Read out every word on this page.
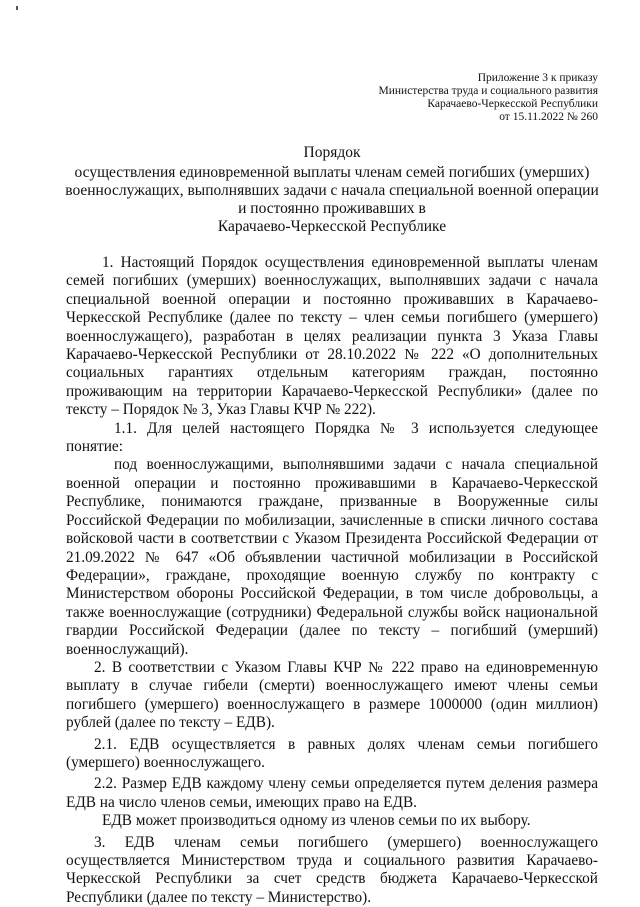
Приложение 3 к приказу
Министерства труда и социального развития
Карачаево-Черкесской Республики
от 15.11.2022 № 260
Порядок
осуществления единовременной выплаты членам семей погибших (умерших) военнослужащих, выполнявших задачи с начала специальной военной операции и постоянно проживавших в
Карачаево-Черкесской Республике

1. Настоящий Порядок осуществления единовременной выплаты членам семей погибших (умерших) военнослужащих, выполнявших задачи с начала специальной военной операции и постоянно проживавших в Карачаево-Черкесской Республике (далее по тексту – член семьи погибшего (умершего) военнослужащего), разработан в целях реализации пункта 3 Указа Главы Карачаево-Черкесской Республики от 28.10.2022 № 222 «О дополнительных социальных гарантиях отдельным категориям граждан, постоянно проживающим на территории Карачаево-Черкесской Республики» (далее по тексту – Порядок № 3, Указ Главы КЧР № 222).

1.1. Для целей настоящего Порядка № 3 используется следующее понятие:

под военнослужащими, выполнявшими задачи с начала специальной военной операции и постоянно проживавшими в Карачаево-Черкесской Республике, понимаются граждане, призванные в Вооруженные силы Российской Федерации по мобилизации, зачисленные в списки личного состава войсковой части в соответствии с Указом Президента Российской Федерации от 21.09.2022 № 647 «Об объявлении частичной мобилизации в Российской Федерации», граждане, проходящие военную службу по контракту с Министерством обороны Российской Федерации, в том числе добровольцы, а также военнослужащие (сотрудники) Федеральной службы войск национальной гвардии Российской Федерации (далее по тексту – погибший (умерший) военнослужащий).

2. В соответствии с Указом Главы КЧР № 222 право на единовременную выплату в случае гибели (смерти) военнослужащего имеют члены семьи погибшего (умершего) военнослужащего в размере 1000000 (один миллион) рублей (далее по тексту – ЕДВ).

2.1. ЕДВ осуществляется в равных долях членам семьи погибшего (умершего) военнослужащего.

2.2. Размер ЕДВ каждому члену семьи определяется путем деления размера ЕДВ на число членов семьи, имеющих право на ЕДВ.

ЕДВ может производиться одному из членов семьи по их выбору.

3. ЕДВ членам семьи погибшего (умершего) военнослужащего осуществляется Министерством труда и социального развития Карачаево-Черкесской Республики за счет средств бюджета Карачаево-Черкесской Республики (далее по тексту – Министерство).
